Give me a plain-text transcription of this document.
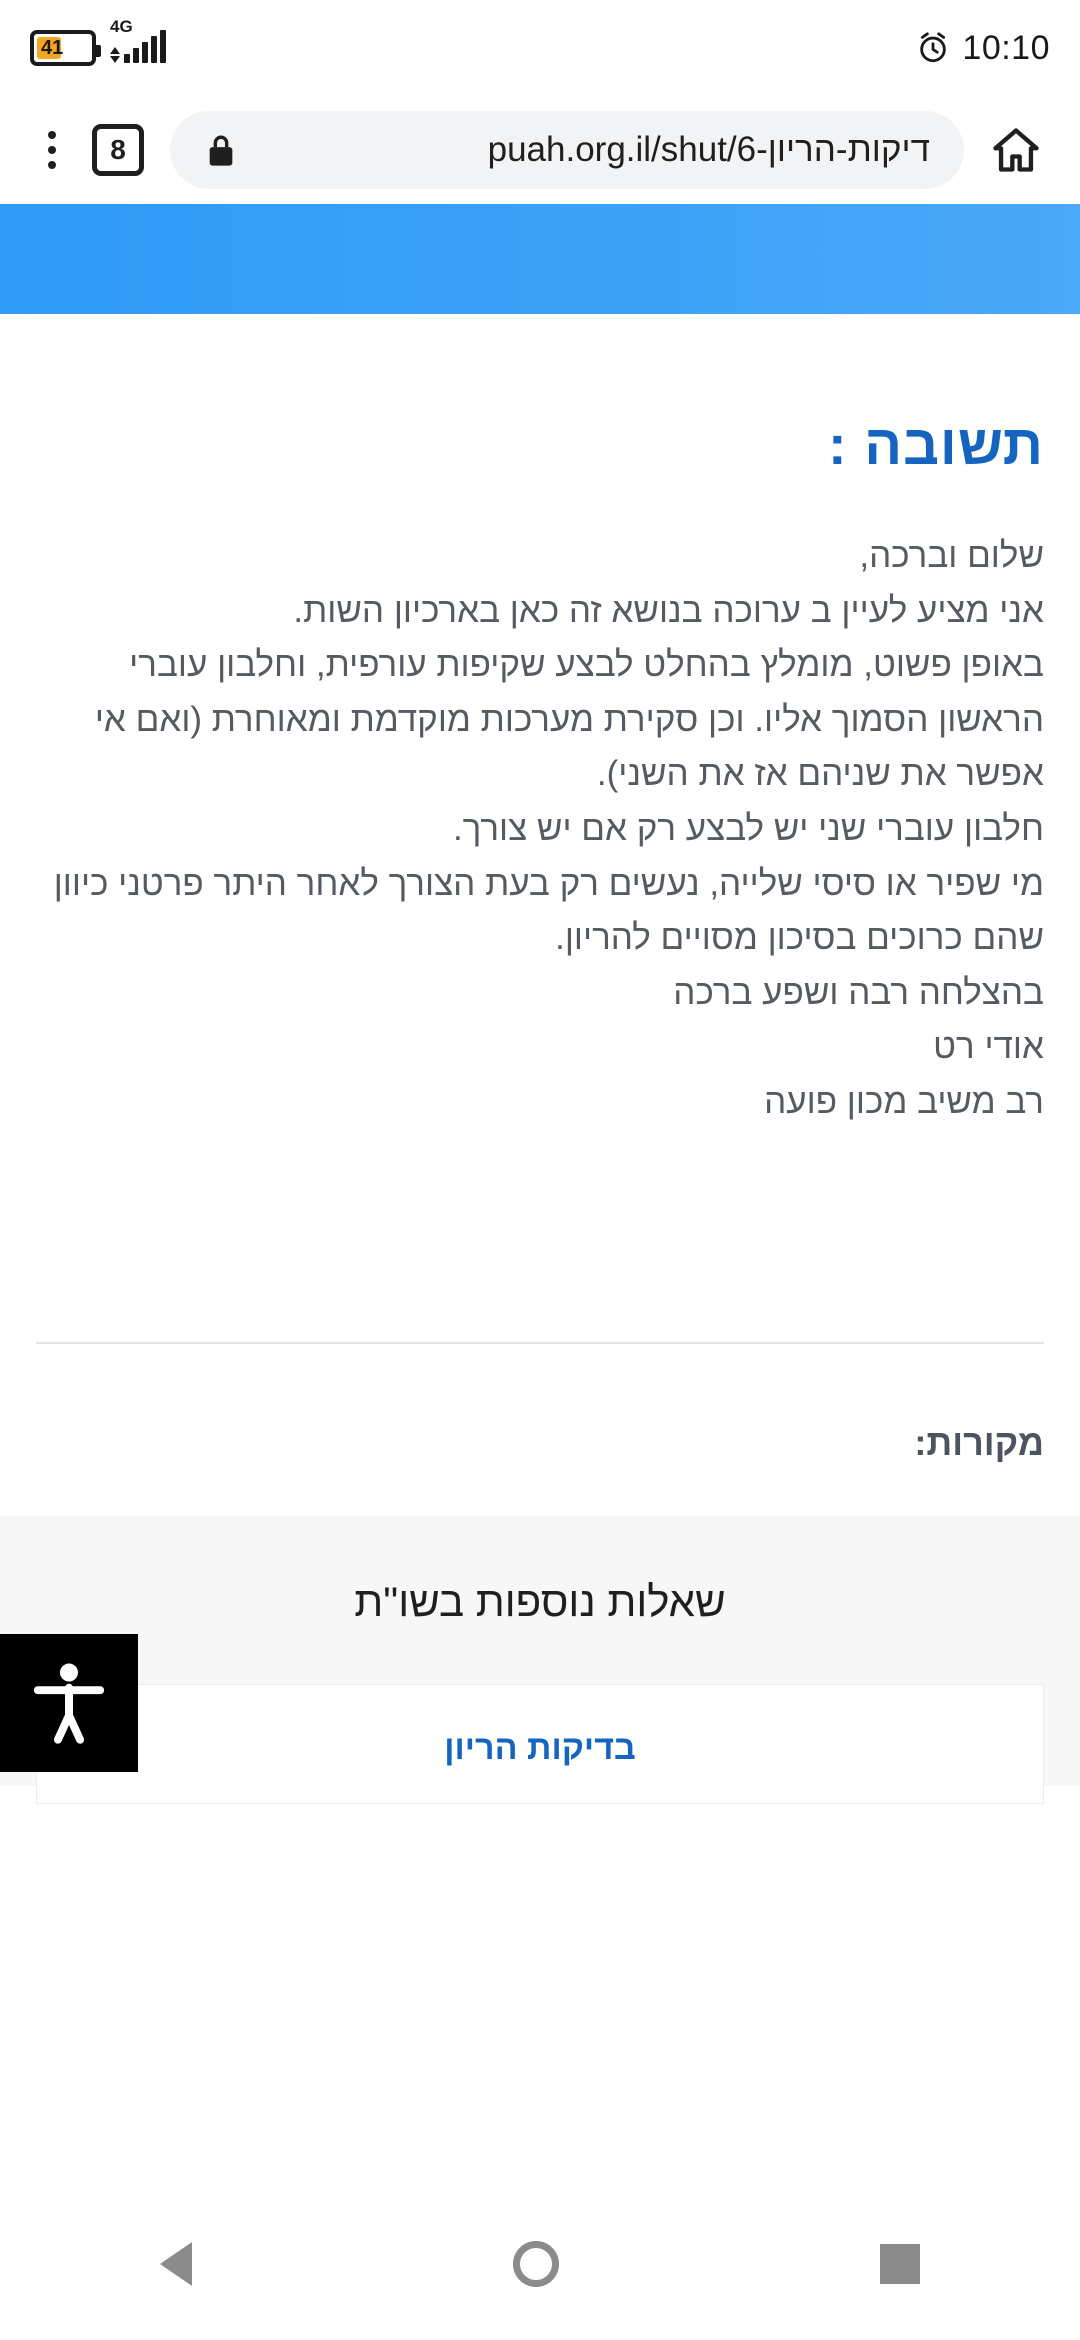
41
4G
10:10
8	puah.org.il/shut/6-דיקות-הריון
תשובה :

שלום וברכה,

אני מציע לעיין ב ערוכה בנושא זה כאן בארכיון השות.

באופן פשוט, מומלץ בהחלט לבצע שקיפות עורפית, וחלבון עוברי הראשון הסמוך אליו. וכן סקירת מערכות מוקדמת ומאוחרת (ואם אי אפשר את שניהם אז את השני).

חלבון עוברי שני יש לבצע רק אם יש צורך.

מי שפיר או סיסי שלייה, נעשים רק בעת הצורך לאחר היתר פרטני כיוון שהם כרוכים בסיכון מסויים להריון.

בהצלחה רבה ושפע ברכה

אודי רט

רב משיב מכון פועה

מקורות:
שאלות נוספות בשו"ת
בדיקות הריון
